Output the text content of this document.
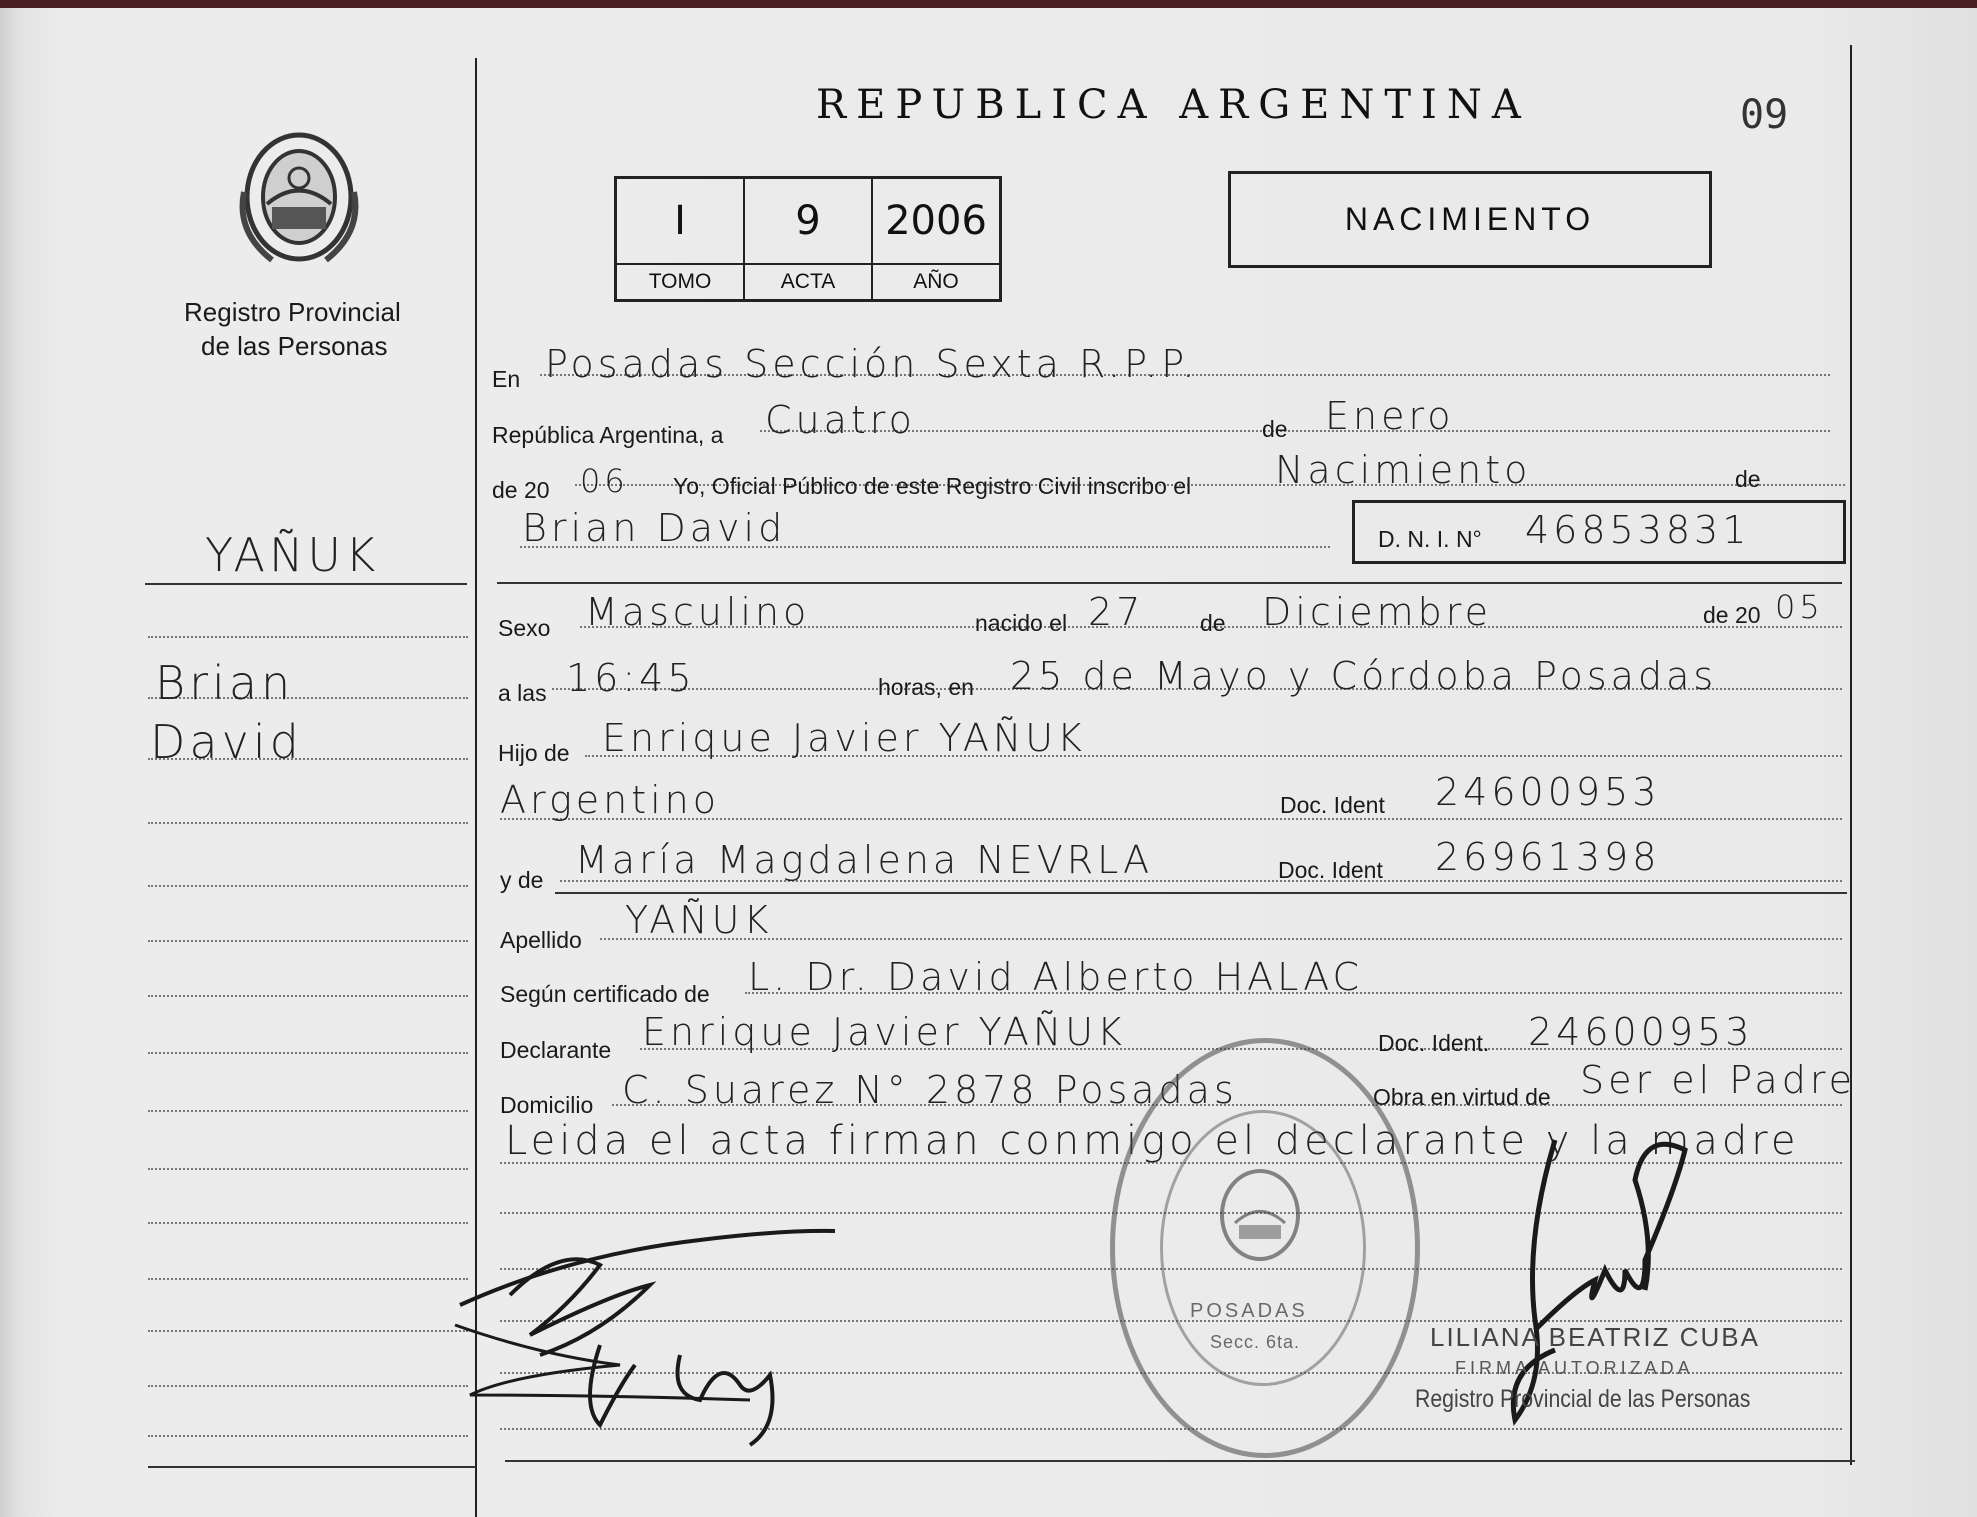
09
Registro Provincial
de las Personas
YAÑUK
Brian
David
REPUBLICA ARGENTINA
I	9	2006
TOMO	ACTA	AÑO
NACIMIENTO
En Posadas Sección Sexta R.P.P.
República Argentina, a Cuatro	de Enero
de 20 06 Yo, Oficial Público de este Registro Civil inscribo el Nacimiento	de
Brian David	D. N. I. N° 46853831
Sexo Masculino	nacido el 27 de Diciembre	de 20 05
a las 16:45	horas, en 25 de Mayo y Córdoba Posadas
Hijo de Enrique Javier YAÑUK
Argentino	Doc. Ident 24600953
y de María Magdalena NEVRLA	Doc. Ident 26961398
Apellido YAÑUK
Según certificado de L. Dr. David Alberto HALAC
Declarante Enrique Javier YAÑUK	Doc. Ident. 24600953
Domicilio C. Suarez N° 2878 Posadas	Obra en virtud de Ser el Padre
Leida el acta firman conmigo el declarante y la madre
POSADAS
Secc. 6ta.	LILIANA BEATRIZ CUBA
FIRMA AUTORIZADA
Registro Provincial de las Personas
